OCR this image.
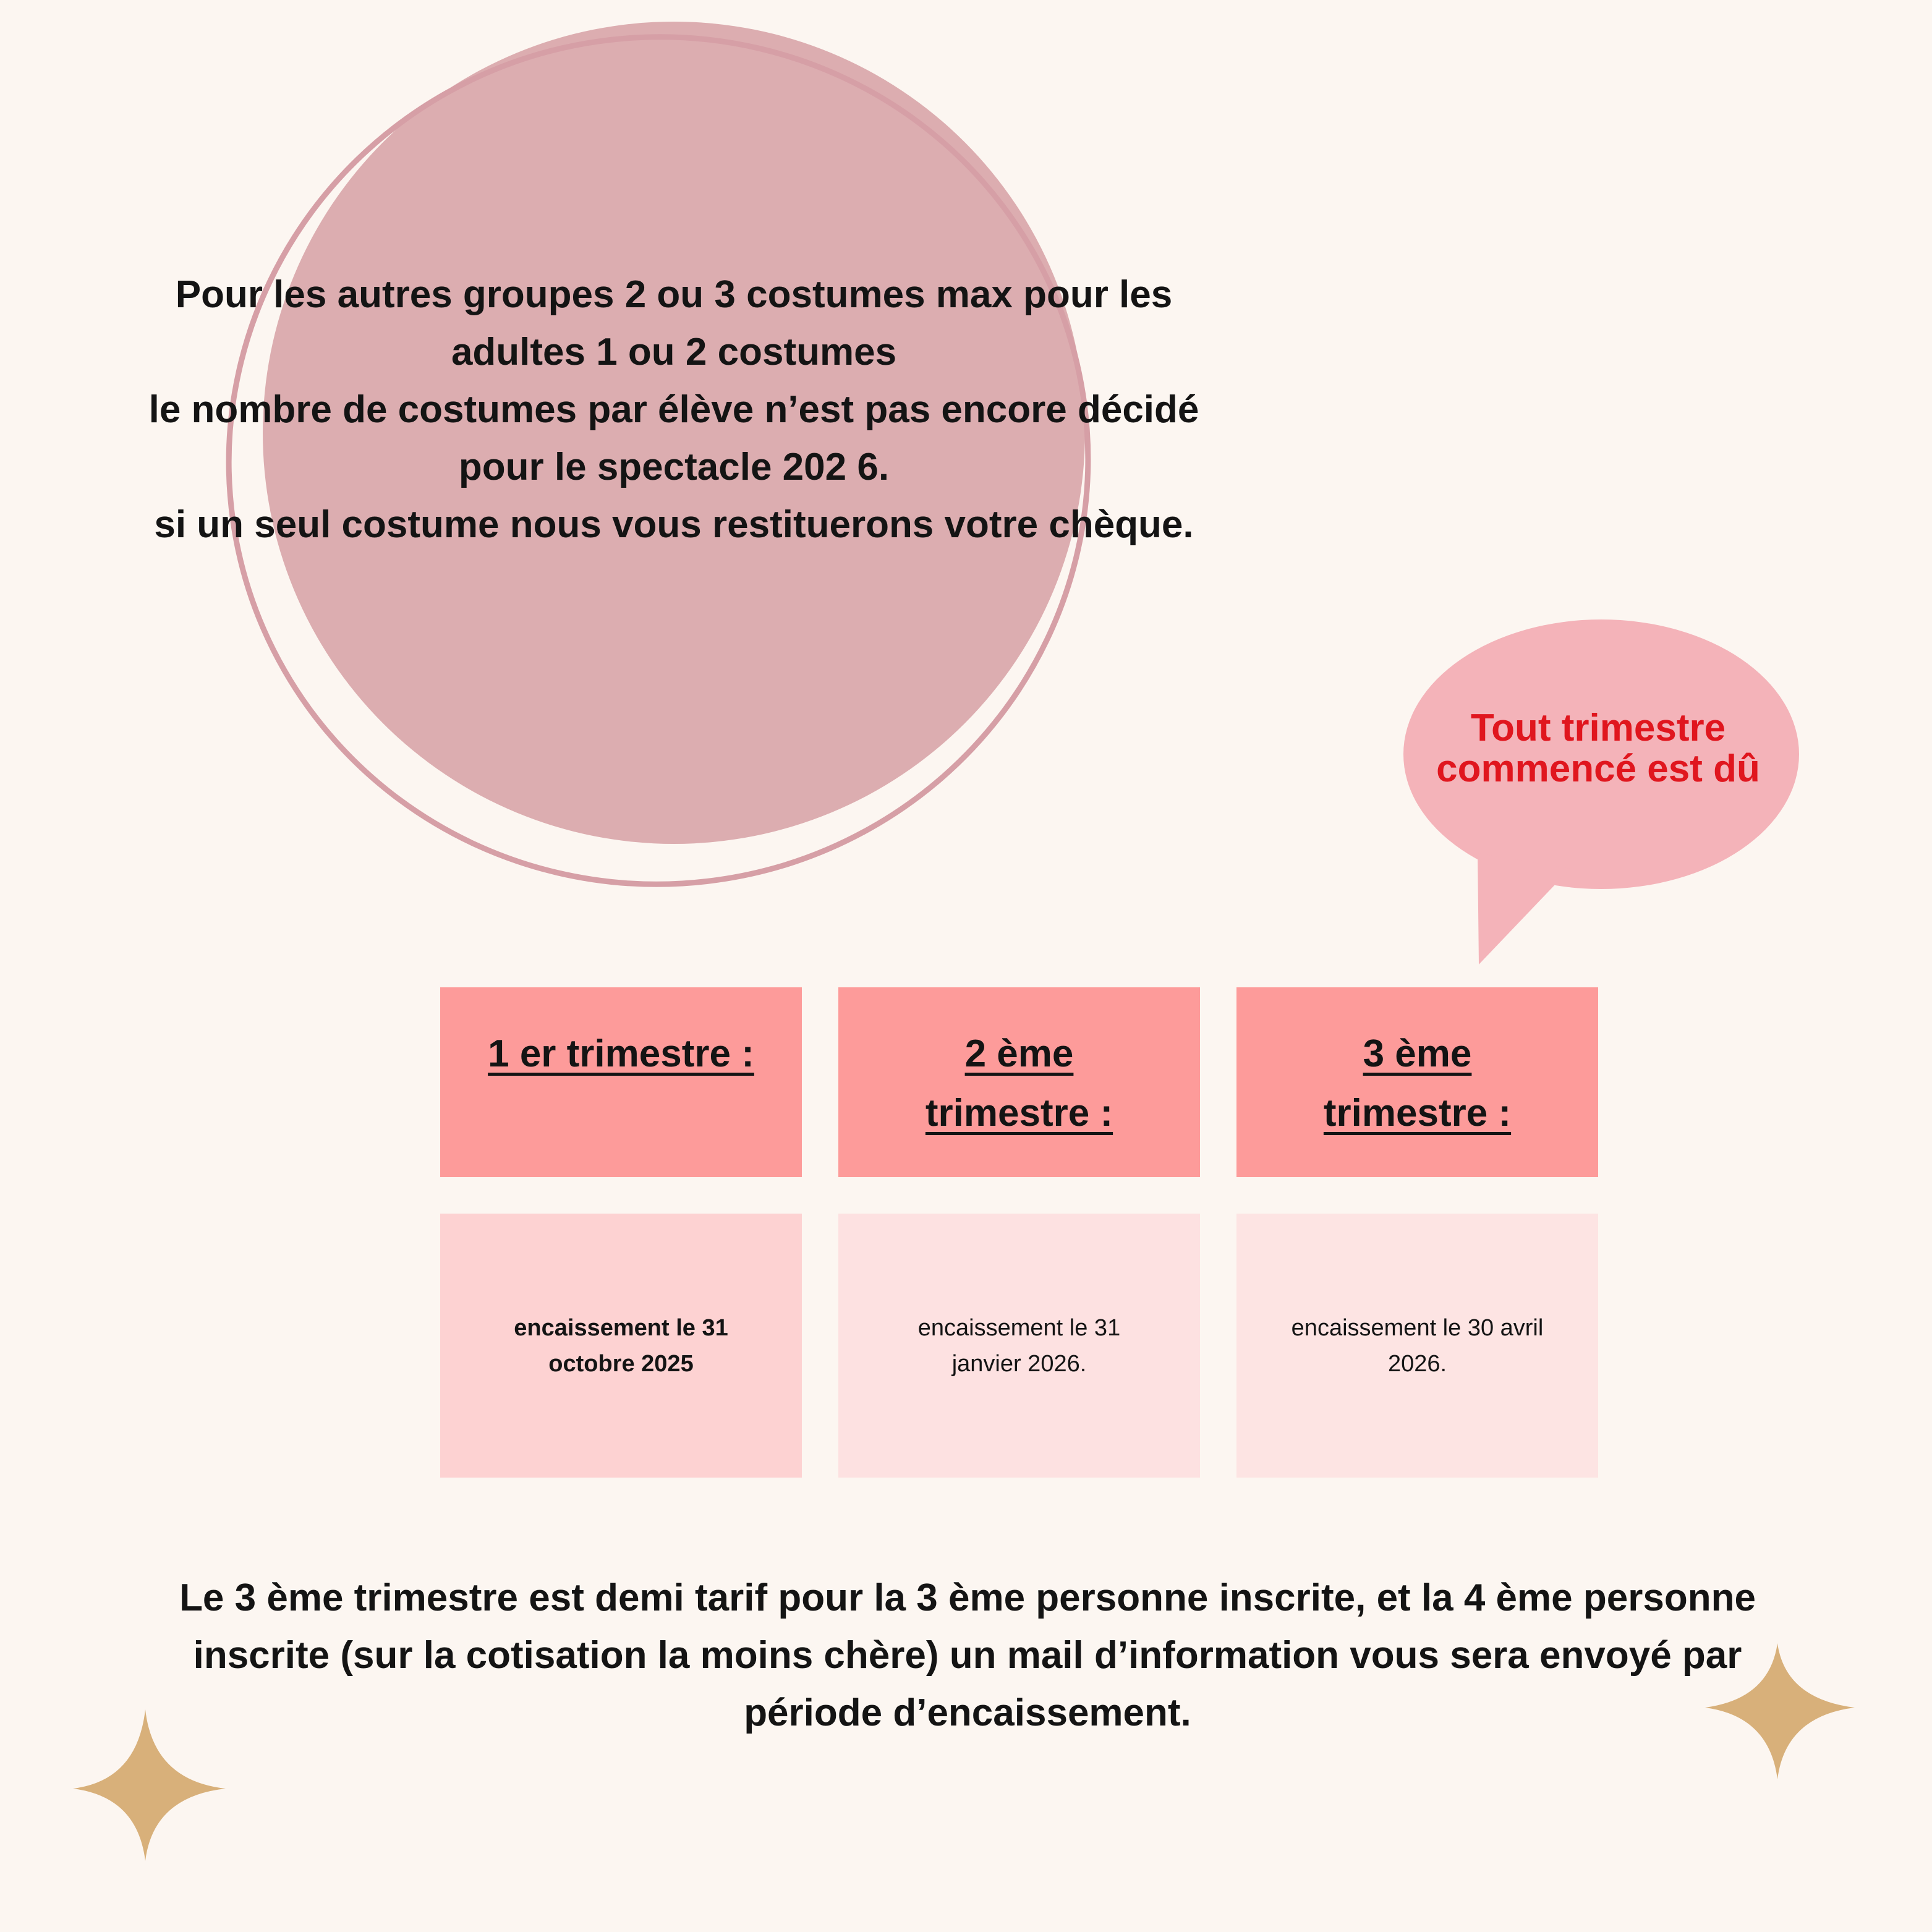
Pour les autres groupes 2 ou 3 costumes max pour les
adultes 1 ou 2 costumes
le nombre de costumes par élève n’est pas encore décidé
pour le spectacle 202 6.
si un seul costume nous vous restituerons votre chèque.
Tout trimestre
commencé est dû
1 er trimestre :	2 ème
trimestre :
3 ème
trimestre :
encaissement le 31
octobre 2025
encaissement le 31
janvier 2026.
encaissement le 30 avril
2026.
Le 3 ème trimestre est demi tarif pour la 3 ème personne inscrite, et la 4 ème personne
inscrite (sur la cotisation la moins chère) un mail d’information vous sera envoyé par
période d’encaissement.
